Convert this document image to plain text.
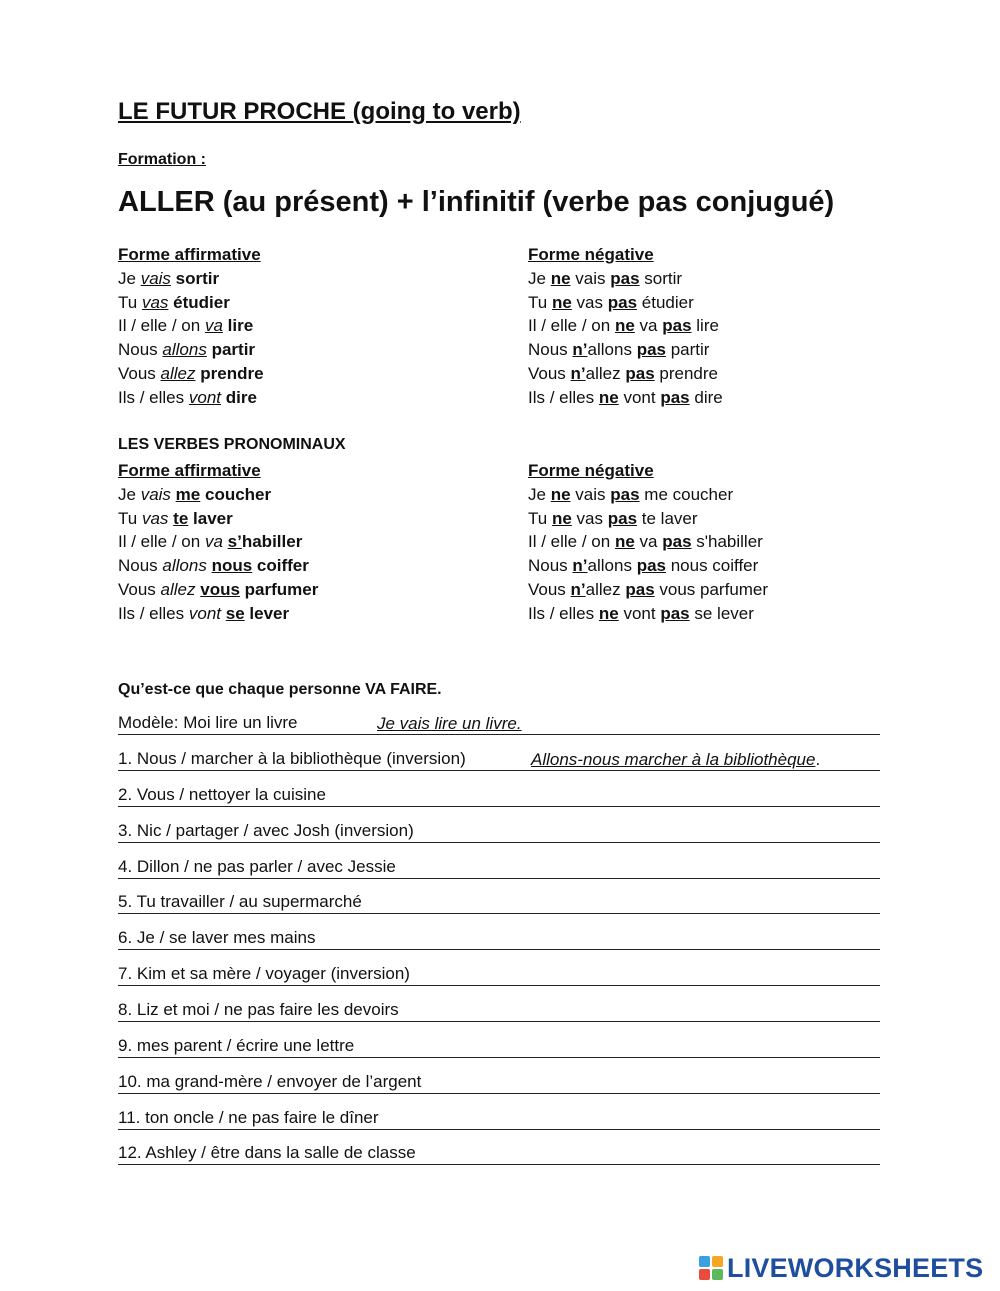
LE FUTUR PROCHE (going to verb)
Formation :
ALLER (au présent) + l’infinitif (verbe pas conjugué)
Forme affirmative
Je vais sortir
Tu vas étudier
Il / elle / on va lire
Nous allons partir
Vous allez prendre
Ils / elles vont dire
Forme négative
Je ne vais pas sortir
Tu ne vas pas étudier
Il / elle / on ne va pas lire
Nous n’allons pas partir
Vous n’allez pas prendre
Ils / elles ne vont pas dire
LES VERBES PRONOMINAUX
Forme affirmative
Je vais me coucher
Tu vas te laver
Il / elle / on va s’habiller
Nous allons nous coiffer
Vous allez vous parfumer
Ils / elles vont se lever
Forme négative
Je ne vais pas me coucher
Tu ne vas pas te laver
Il / elle / on ne va pas s'habiller
Nous n’allons pas nous coiffer
Vous n’allez pas vous parfumer
Ils / elles ne vont pas se lever
Qu’est-ce que chaque personne VA FAIRE.
Modèle: Moi lire un livre	Je vais lire un livre.
1. Nous / marcher à la bibliothèque (inversion)	Allons-nous marcher à la bibliothèque.
2. Vous / nettoyer la cuisine
3. Nic / partager / avec Josh (inversion)
4. Dillon / ne pas parler / avec Jessie
5. Tu travailler / au supermarché
6. Je / se laver mes mains
7. Kim et sa mère / voyager (inversion)
8. Liz et moi / ne pas faire les devoirs
9. mes parent / écrire une lettre
10. ma grand-mère / envoyer de l’argent
11. ton oncle / ne pas faire le dîner
12. Ashley / être dans la salle de classe
LIVEWORKSHEETS
